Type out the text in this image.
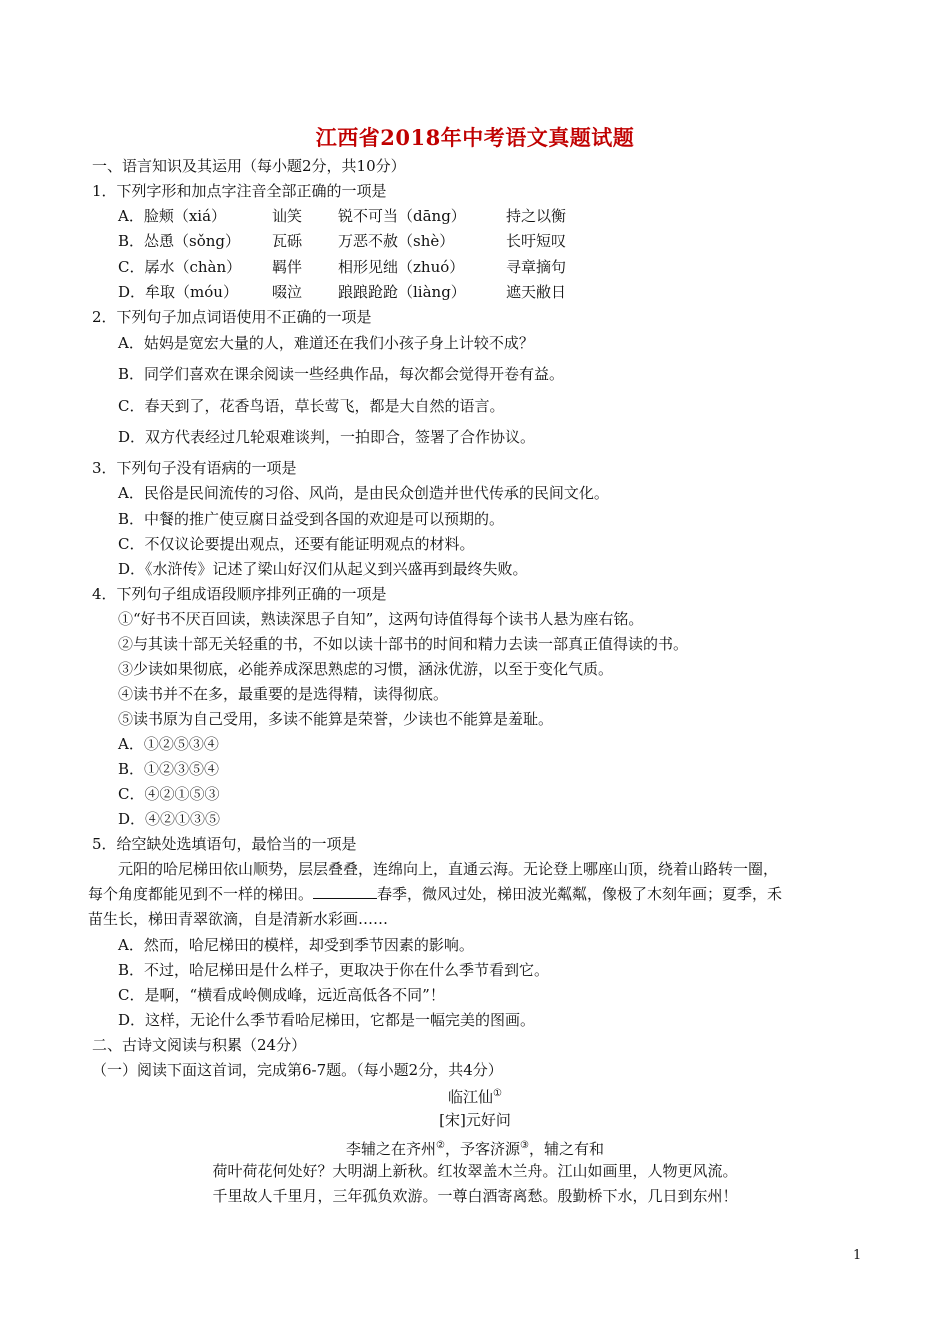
江西省2018年中考语文真题试题
一、语言知识及其运用（每小题2分，共10分）
1．下列字形和加点字注音全部正确的一项是
A．脸颊（xiá）	讪笑 锐不可当（dāng）	持之以衡
B．怂恿（sǒng） 瓦砾 万恶不赦（shè）	长吁短叹
C．孱水（chàn） 羁伴 相形见绌（zhuó）	寻章摘句
D．牟取（móu） 啜泣 踉踉跄跄（liàng）	遮天敝日
2．下列句子加点词语使用不正确的一项是
A．姑妈是宽宏大量的人，难道还在我们小孩子身上计较不成？
B．同学们喜欢在课余阅读一些经典作品，每次都会觉得开卷有益。
C．春天到了，花香鸟语，草长莺飞，都是大自然的语言。
D．双方代表经过几轮艰难谈判，一拍即合，签署了合作协议。
3．下列句子没有语病的一项是
A．民俗是民间流传的习俗、风尚，是由民众创造并世代传承的民间文化。
B．中餐的推广使豆腐日益受到各国的欢迎是可以预期的。
C．不仅议论要提出观点，还要有能证明观点的材料。
D．《水浒传》记述了梁山好汉们从起义到兴盛再到最终失败。
4．下列句子组成语段顺序排列正确的一项是
①“好书不厌百回读，熟读深思子自知”，这两句诗值得每个读书人悬为座右铭。
②与其读十部无关轻重的书，不如以读十部书的时间和精力去读一部真正值得读的书。
③少读如果彻底，必能养成深思熟虑的习惯，涵泳优游，以至于变化气质。
④读书并不在多，最重要的是选得精，读得彻底。
⑤读书原为自己受用，多读不能算是荣誉，少读也不能算是羞耻。
A．①②⑤③④
B．①②③⑤④
C．④②①⑤③
D．④②①③⑤
5．给空缺处选填语句，最恰当的一项是
元阳的哈尼梯田依山顺势，层层叠叠，连绵向上，直通云海。无论登上哪座山顶，绕着山路转一圈，
每个角度都能见到不一样的梯田。	春季，微风过处，梯田波光粼粼，像极了木刻年画；夏季，禾
苗生长，梯田青翠欲滴，自是清新水彩画……
A．然而，哈尼梯田的模样，却受到季节因素的影响。
B．不过，哈尼梯田是什么样子，更取决于你在什么季节看到它。
C．是啊，“横看成岭侧成峰，远近高低各不同”！
D．这样，无论什么季节看哈尼梯田，它都是一幅完美的图画。
二、古诗文阅读与积累（24分）
（一）阅读下面这首词，完成第6-7题。（每小题2分，共4分）
临江仙①
[宋]元好问
李辅之在齐州②，予客济源③，辅之有和
荷叶荷花何处好？大明湖上新秋。红妆翠盖木兰舟。江山如画里，人物更风流。
千里故人千里月，三年孤负欢游。一尊白酒寄离愁。殷勤桥下水，几日到东州！
1
